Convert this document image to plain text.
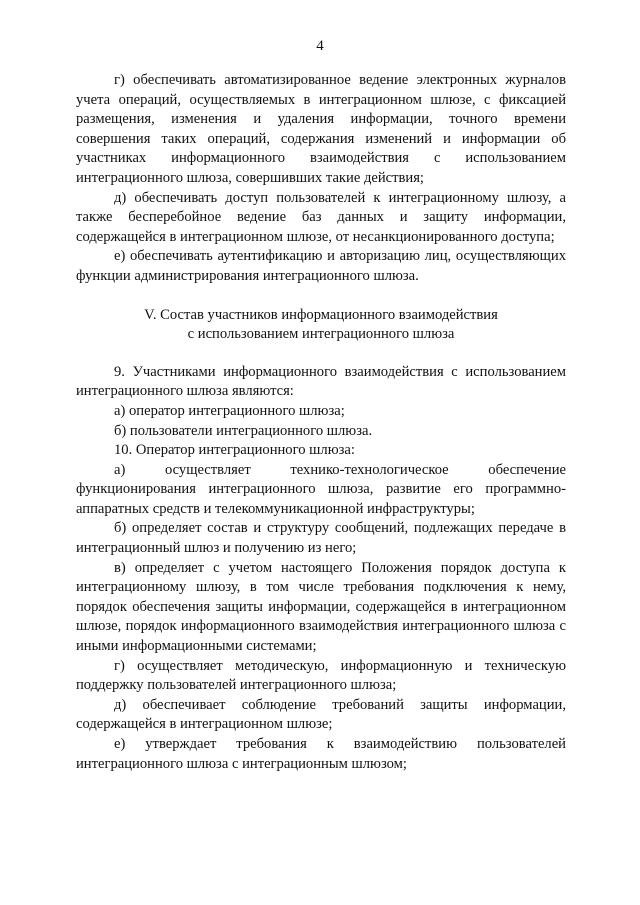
4

г) обеспечивать автоматизированное ведение электронных журналов учета операций, осуществляемых в интеграционном шлюзе, с фиксацией размещения, изменения и удаления информации, точного времени совершения таких операций, содержания изменений и информации об участниках информационного взаимодействия с использованием интеграционного шлюза, совершивших такие действия;

д) обеспечивать доступ пользователей к интеграционному шлюзу, а также бесперебойное ведение баз данных и защиту информации, содержащейся в интеграционном шлюзе, от несанкционированного доступа;

е) обеспечивать аутентификацию и авторизацию лиц, осуществляющих функции администрирования интеграционного шлюза.

V. Состав участников информационного взаимодействия
с использованием интеграционного шлюза

9. Участниками информационного взаимодействия с использованием интеграционного шлюза являются:

а) оператор интеграционного шлюза;

б) пользователи интеграционного шлюза.

10. Оператор интеграционного шлюза:

а) осуществляет технико-технологическое обеспечение функционирования интеграционного шлюза, развитие его программно-аппаратных средств и телекоммуникационной инфраструктуры;

б) определяет состав и структуру сообщений, подлежащих передаче в интеграционный шлюз и получению из него;

в) определяет с учетом настоящего Положения порядок доступа к интеграционному шлюзу, в том числе требования подключения к нему, порядок обеспечения защиты информации, содержащейся в интеграционном шлюзе, порядок информационного взаимодействия интеграционного шлюза с иными информационными системами;

г) осуществляет методическую, информационную и техническую поддержку пользователей интеграционного шлюза;

д) обеспечивает соблюдение требований защиты информации, содержащейся в интеграционном шлюзе;

е) утверждает требования к взаимодействию пользователей интеграционного шлюза с интеграционным шлюзом;
